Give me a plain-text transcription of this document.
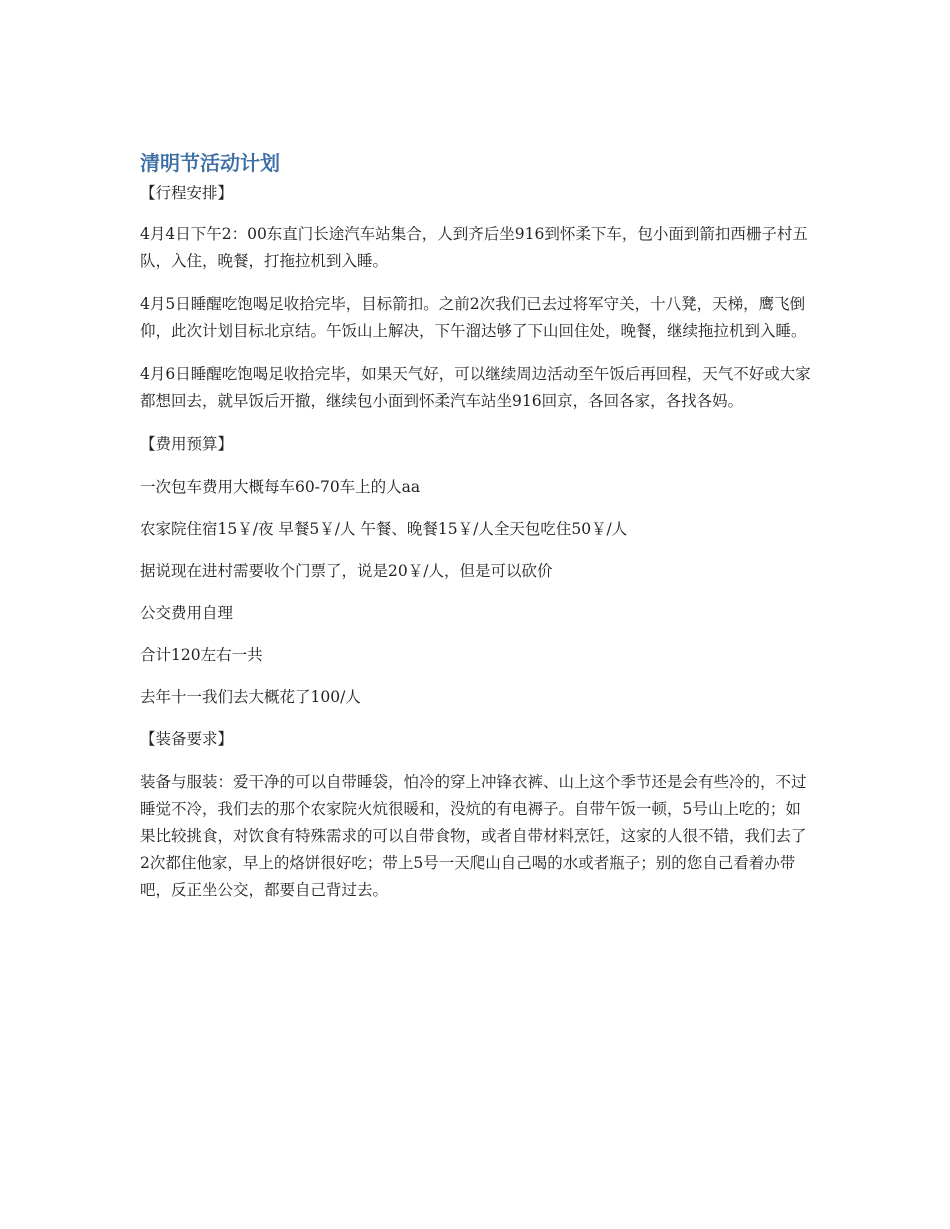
清明节活动计划
【行程安排】

4月4日下午2：00东直门长途汽车站集合，人到齐后坐916到怀柔下车，包小面到箭扣西栅子村五队，入住，晚餐，打拖拉机到入睡。

4月5日睡醒吃饱喝足收拾完毕，目标箭扣。之前2次我们已去过将军守关，十八凳，天梯，鹰飞倒仰，此次计划目标北京结。午饭山上解决，下午溜达够了下山回住处，晚餐，继续拖拉机到入睡。

4月6日睡醒吃饱喝足收拾完毕，如果天气好，可以继续周边活动至午饭后再回程，天气不好或大家都想回去，就早饭后开撤，继续包小面到怀柔汽车站坐916回京，各回各家，各找各妈。

【费用预算】

一次包车费用大概每车60-70车上的人aa

农家院住宿15￥/夜 早餐5￥/人 午餐、晚餐15￥/人全天包吃住50￥/人

据说现在进村需要收个门票了，说是20￥/人，但是可以砍价

公交费用自理

合计120左右一共

去年十一我们去大概花了100/人

【装备要求】

装备与服装：爱干净的可以自带睡袋，怕冷的穿上冲锋衣裤、山上这个季节还是会有些冷的，不过睡觉不冷，我们去的那个农家院火炕很暖和，没炕的有电褥子。自带午饭一顿，5号山上吃的；如果比较挑食，对饮食有特殊需求的可以自带食物，或者自带材料烹饪，这家的人很不错，我们去了2次都住他家，早上的烙饼很好吃；带上5号一天爬山自己喝的水或者瓶子；别的您自己看着办带吧，反正坐公交，都要自己背过去。
